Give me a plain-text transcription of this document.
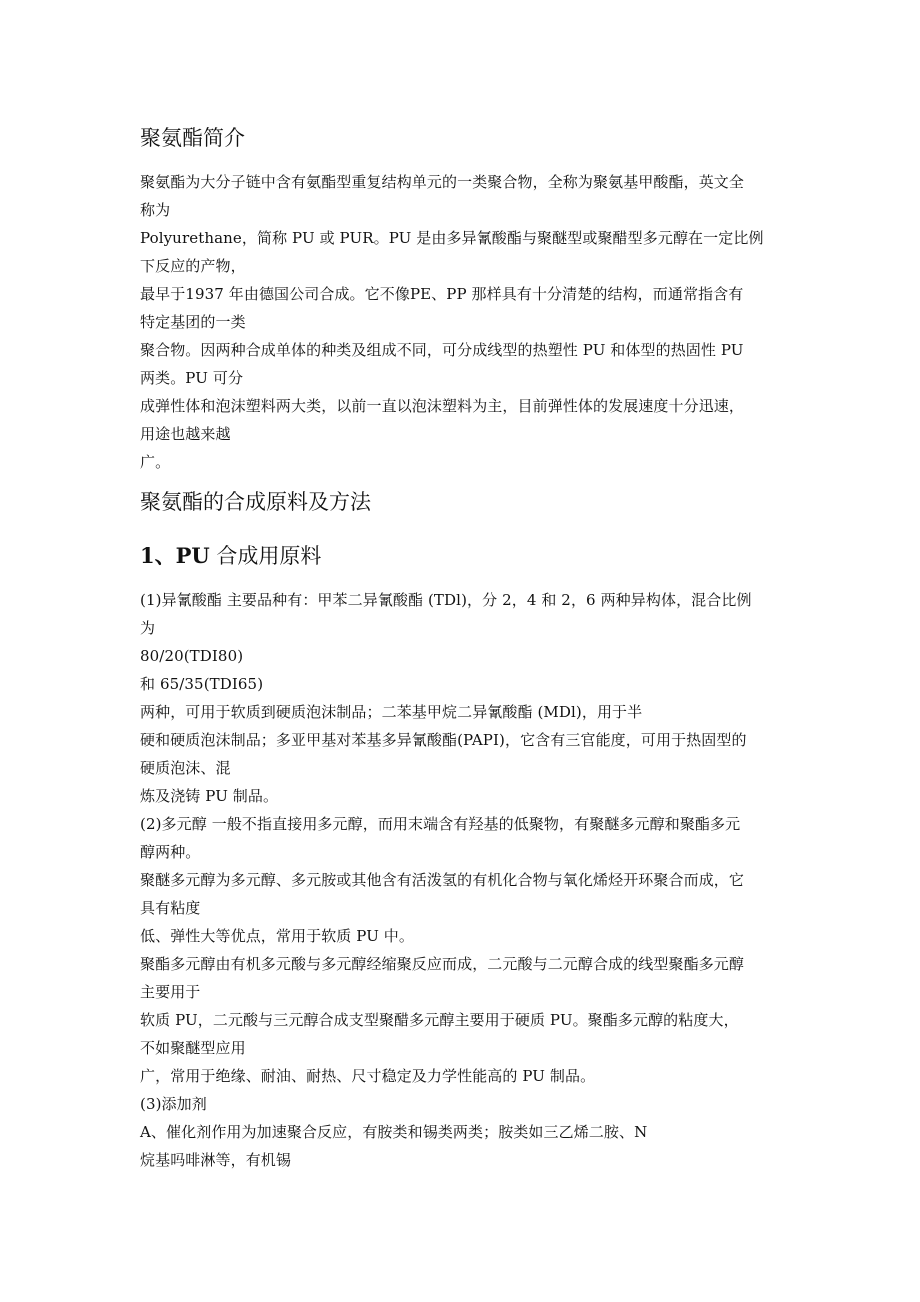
聚氨酯简介
聚氨酯为大分子链中含有氨酯型重复结构单元的一类聚合物，全称为聚氨基甲酸酯，英文全
称为
Polyurethane，简称 PU 或 PUR。PU 是由多异氰酸酯与聚醚型或聚醋型多元醇在一定比例
下反应的产物，
最早于1937 年由德国公司合成。它不像PE、PP 那样具有十分清楚的结构，而通常指含有
特定基团的一类
聚合物。因两种合成单体的种类及组成不同，可分成线型的热塑性 PU 和体型的热固性 PU
两类。PU 可分
成弹性体和泡沫塑料两大类，以前一直以泡沫塑料为主，目前弹性体的发展速度十分迅速，
用途也越来越
广。
聚氨酯的合成原料及方法
1、PU 合成用原料
(1)异氰酸酯 主要品种有：甲苯二异氰酸酯 (TDl)，分 2，4 和 2，6 两种异构体，混合比例
为
80/20(TDI80)
和 65/35(TDI65)
两种，可用于软质到硬质泡沫制品；二苯基甲烷二异氰酸酯 (MDl)，用于半
硬和硬质泡沫制品；多亚甲基对苯基多异氰酸酯(PAPI)，它含有三官能度，可用于热固型的
硬质泡沫、混
炼及浇铸 PU 制品。
(2)多元醇 一般不指直接用多元醇，而用末端含有羟基的低聚物，有聚醚多元醇和聚酯多元
醇两种。
聚醚多元醇为多元醇、多元胺或其他含有活泼氢的有机化合物与氧化烯烃开环聚合而成，它
具有粘度
低、弹性大等优点，常用于软质 PU 中。
聚酯多元醇由有机多元酸与多元醇经缩聚反应而成，二元酸与二元醇合成的线型聚酯多元醇
主要用于
软质 PU，二元酸与三元醇合成支型聚醋多元醇主要用于硬质 PU。聚酯多元醇的粘度大，
不如聚醚型应用
广，常用于绝缘、耐油、耐热、尺寸稳定及力学性能高的 PU 制品。
(3)添加剂
A、催化剂作用为加速聚合反应，有胺类和锡类两类；胺类如三乙烯二胺、N
烷基吗啡淋等，有机锡
